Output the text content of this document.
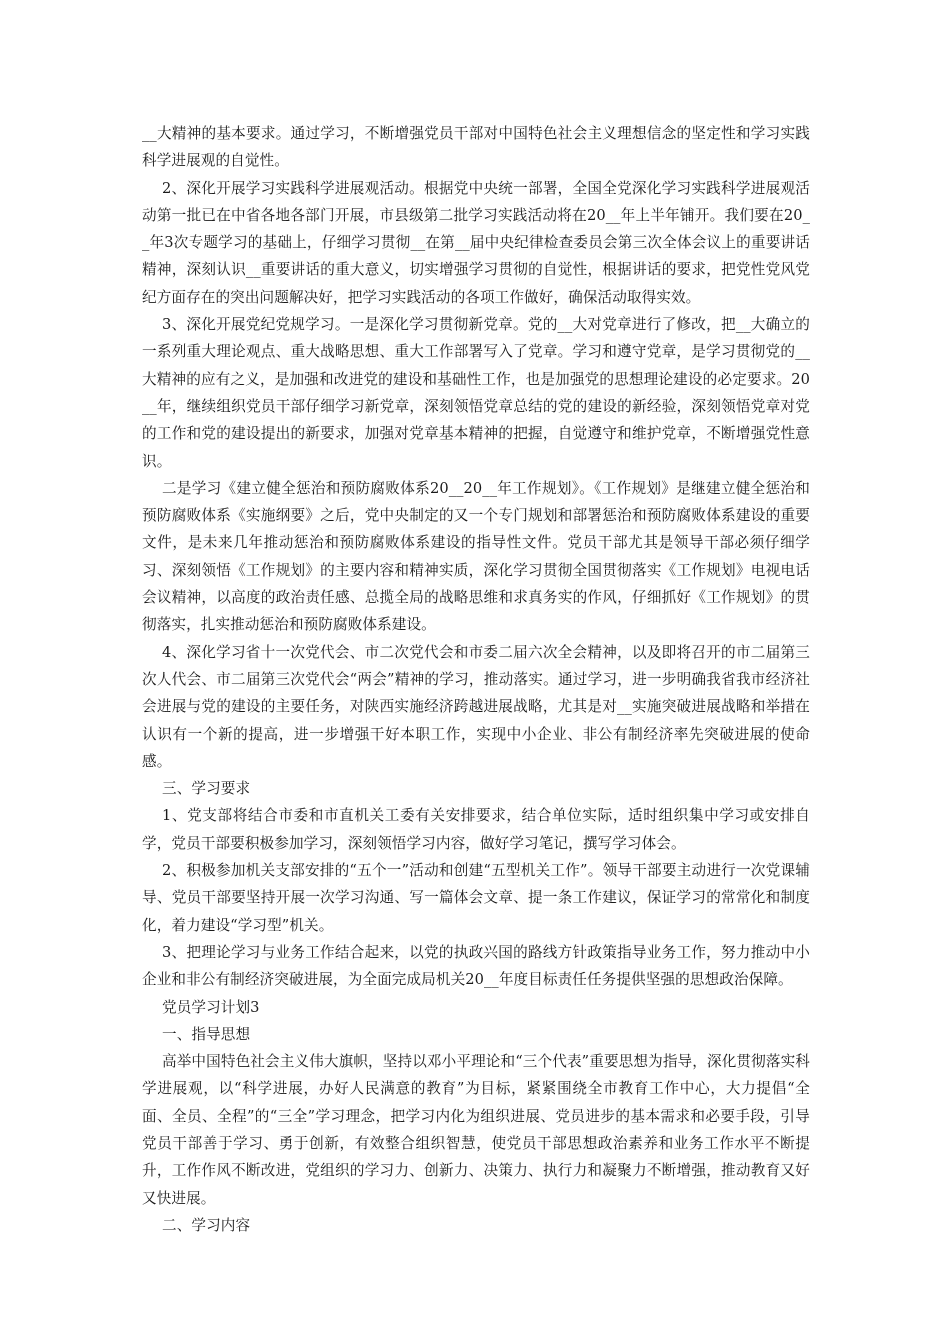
__大精神的基本要求。通过学习，不断增强党员干部对中国特色社会主义理想信念的坚定性和学习实践科学进展观的自觉性。

2、深化开展学习实践科学进展观活动。根据党中央统一部署，全国全党深化学习实践科学进展观活动第一批已在中省各地各部门开展，市县级第二批学习实践活动将在20__年上半年铺开。我们要在20__年3次专题学习的基础上，仔细学习贯彻__在第__届中央纪律检查委员会第三次全体会议上的重要讲话精神，深刻认识__重要讲话的重大意义，切实增强学习贯彻的自觉性，根据讲话的要求，把党性党风党纪方面存在的突出问题解决好，把学习实践活动的各项工作做好，确保活动取得实效。

3、深化开展党纪党规学习。一是深化学习贯彻新党章。党的__大对党章进行了修改，把__大确立的一系列重大理论观点、重大战略思想、重大工作部署写入了党章。学习和遵守党章，是学习贯彻党的__大精神的应有之义，是加强和改进党的建设和基础性工作，也是加强党的思想理论建设的必定要求。20__年，继续组织党员干部仔细学习新党章，深刻领悟党章总结的党的建设的新经验，深刻领悟党章对党的工作和党的建设提出的新要求，加强对党章基本精神的把握，自觉遵守和维护党章，不断增强党性意识。

二是学习《建立健全惩治和预防腐败体系20__20__年工作规划》。《工作规划》是继建立健全惩治和预防腐败体系《实施纲要》之后，党中央制定的又一个专门规划和部署惩治和预防腐败体系建设的重要文件，是未来几年推动惩治和预防腐败体系建设的指导性文件。党员干部尤其是领导干部必须仔细学习、深刻领悟《工作规划》的主要内容和精神实质，深化学习贯彻全国贯彻落实《工作规划》电视电话会议精神，以高度的政治责任感、总揽全局的战略思维和求真务实的作风，仔细抓好《工作规划》的贯彻落实，扎实推动惩治和预防腐败体系建设。

4、深化学习省十一次党代会、市二次党代会和市委二届六次全会精神，以及即将召开的市二届第三次人代会、市二届第三次党代会“两会”精神的学习，推动落实。通过学习，进一步明确我省我市经济社会进展与党的建设的主要任务，对陕西实施经济跨越进展战略，尤其是对__实施突破进展战略和举措在认识有一个新的提高，进一步增强干好本职工作，实现中小企业、非公有制经济率先突破进展的使命感。

三、学习要求

1、党支部将结合市委和市直机关工委有关安排要求，结合单位实际，适时组织集中学习或安排自学，党员干部要积极参加学习，深刻领悟学习内容，做好学习笔记，撰写学习体会。

2、积极参加机关支部安排的“五个一”活动和创建“五型机关工作”。领导干部要主动进行一次党课辅导、党员干部要坚持开展一次学习沟通、写一篇体会文章、提一条工作建议，保证学习的常常化和制度化，着力建设“学习型”机关。

3、把理论学习与业务工作结合起来，以党的执政兴国的路线方针政策指导业务工作，努力推动中小企业和非公有制经济突破进展，为全面完成局机关20__年度目标责任任务提供坚强的思想政治保障。

党员学习计划3

一、指导思想

高举中国特色社会主义伟大旗帜，坚持以邓小平理论和“三个代表”重要思想为指导，深化贯彻落实科学进展观，以“科学进展，办好人民满意的教育”为目标，紧紧围绕全市教育工作中心，大力提倡“全面、全员、全程”的“三全”学习理念，把学习内化为组织进展、党员进步的基本需求和必要手段，引导党员干部善于学习、勇于创新，有效整合组织智慧，使党员干部思想政治素养和业务工作水平不断提升，工作作风不断改进，党组织的学习力、创新力、决策力、执行力和凝聚力不断增强，推动教育又好又快进展。

二、学习内容
